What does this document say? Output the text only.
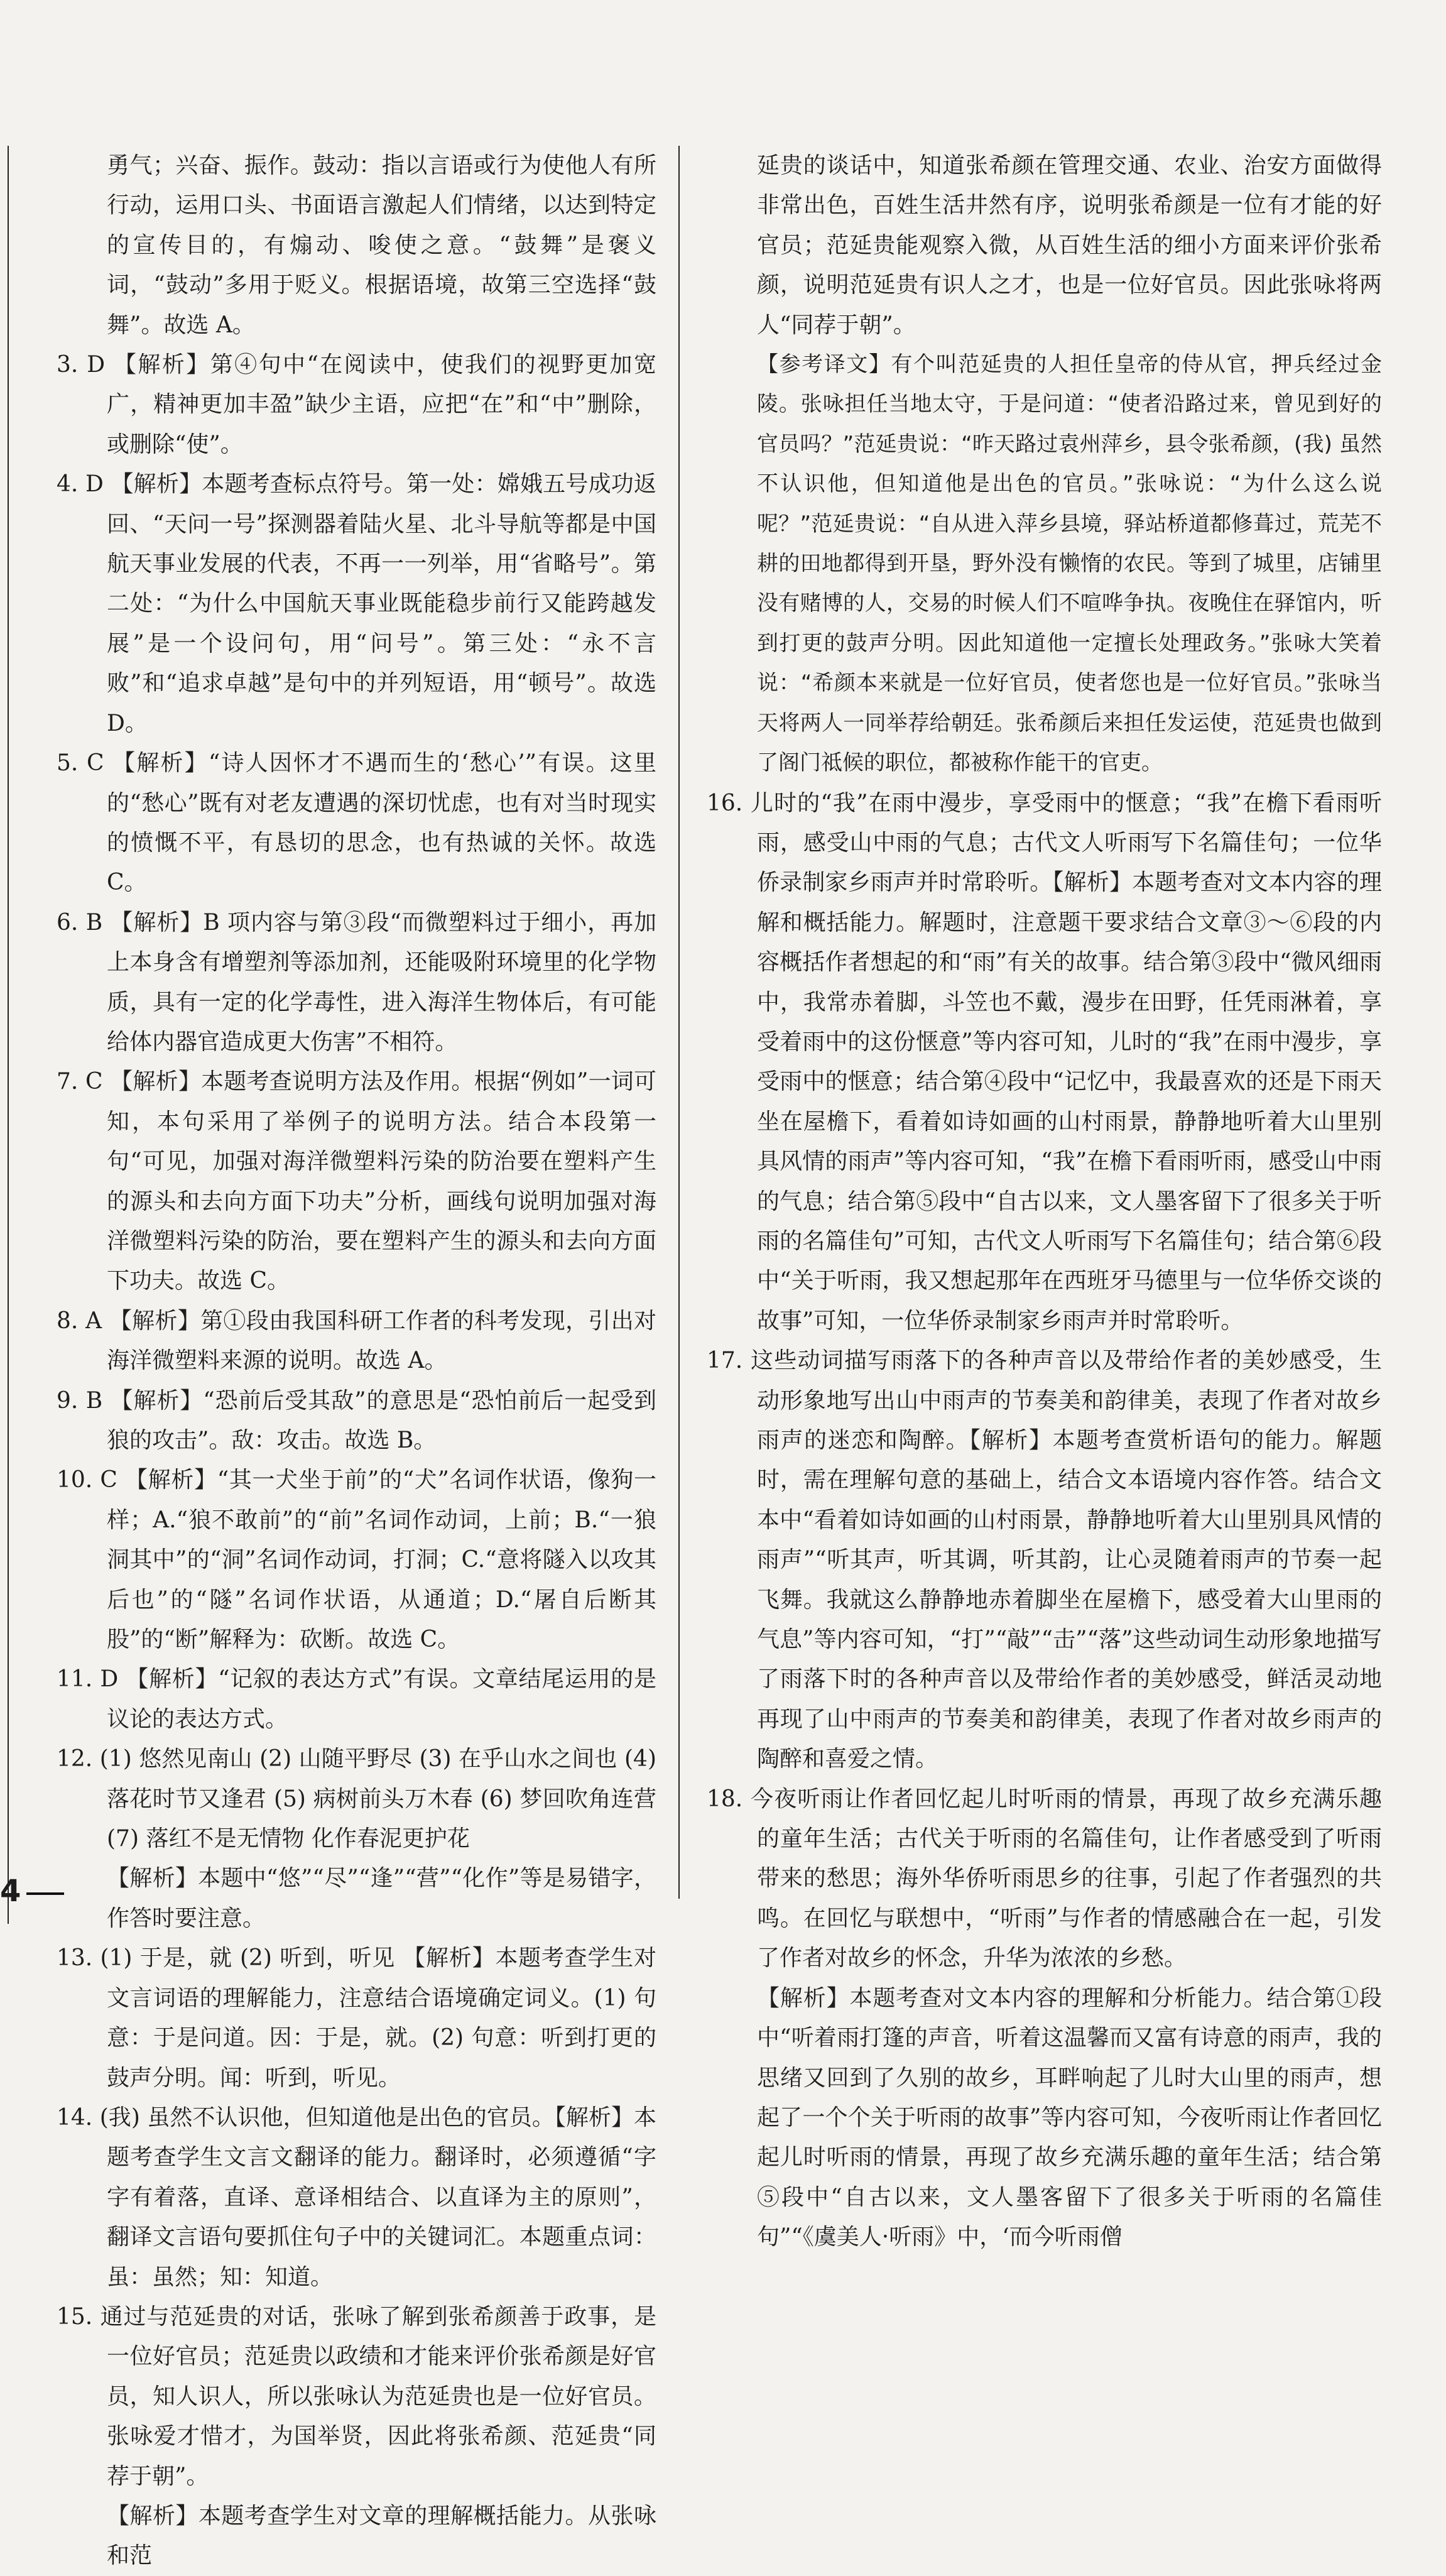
勇气；兴奋、振作。鼓动：指以言语或行为使他人有所行动，运用口头、书面语言激起人们情绪，以达到特定的宣传目的，有煽动、唆使之意。“鼓舞”是褒义词，“鼓动”多用于贬义。根据语境，故第三空选择“鼓舞”。故选 A。

3. D 【解析】第④句中“在阅读中，使我们的视野更加宽广，精神更加丰盈”缺少主语，应把“在”和“中”删除，或删除“使”。

4. D 【解析】本题考查标点符号。第一处：嫦娥五号成功返回、“天问一号”探测器着陆火星、北斗导航等都是中国航天事业发展的代表，不再一一列举，用“省略号”。第二处：“为什么中国航天事业既能稳步前行又能跨越发展”是一个设问句，用“问号”。第三处：“永不言败”和“追求卓越”是句中的并列短语，用“顿号”。故选 D。

5. C 【解析】“诗人因怀才不遇而生的‘愁心’”有误。这里的“愁心”既有对老友遭遇的深切忧虑，也有对当时现实的愤慨不平，有恳切的思念，也有热诚的关怀。故选 C。

6. B 【解析】B 项内容与第③段“而微塑料过于细小，再加上本身含有增塑剂等添加剂，还能吸附环境里的化学物质，具有一定的化学毒性，进入海洋生物体后，有可能给体内器官造成更大伤害”不相符。

7. C 【解析】本题考查说明方法及作用。根据“例如”一词可知，本句采用了举例子的说明方法。结合本段第一句“可见，加强对海洋微塑料污染的防治要在塑料产生的源头和去向方面下功夫”分析，画线句说明加强对海洋微塑料污染的防治，要在塑料产生的源头和去向方面下功夫。故选 C。

8. A 【解析】第①段由我国科研工作者的科考发现，引出对海洋微塑料来源的说明。故选 A。

9. B 【解析】“恐前后受其敌”的意思是“恐怕前后一起受到狼的攻击”。敌：攻击。故选 B。

10. C 【解析】“其一犬坐于前”的“犬”名词作状语，像狗一样；A.“狼不敢前”的“前”名词作动词，上前；B.“一狼洞其中”的“洞”名词作动词，打洞；C.“意将隧入以攻其后也”的“隧”名词作状语，从通道；D.“屠自后断其股”的“断”解释为：砍断。故选 C。

11. D 【解析】“记叙的表达方式”有误。文章结尾运用的是议论的表达方式。

12. (1) 悠然见南山 (2) 山随平野尽 (3) 在乎山水之间也 (4) 落花时节又逢君 (5) 病树前头万木春 (6) 梦回吹角连营 (7) 落红不是无情物 化作春泥更护花

【解析】本题中“悠”“尽”“逢”“营”“化作”等是易错字，作答时要注意。

13. (1) 于是，就 (2) 听到，听见 【解析】本题考查学生对文言词语的理解能力，注意结合语境确定词义。(1) 句意：于是问道。因：于是，就。(2) 句意：听到打更的鼓声分明。闻：听到，听见。

14. (我) 虽然不认识他，但知道他是出色的官员。【解析】本题考查学生文言文翻译的能力。翻译时，必须遵循“字字有着落，直译、意译相结合、以直译为主的原则”，翻译文言语句要抓住句子中的关键词汇。本题重点词：虽：虽然；知：知道。

15. 通过与范延贵的对话，张咏了解到张希颜善于政事，是一位好官员；范延贵以政绩和才能来评价张希颜是好官员，知人识人，所以张咏认为范延贵也是一位好官员。张咏爱才惜才，为国举贤，因此将张希颜、范延贵“同荐于朝”。

【解析】本题考查学生对文章的理解概括能力。从张咏和范

延贵的谈话中，知道张希颜在管理交通、农业、治安方面做得非常出色，百姓生活井然有序，说明张希颜是一位有才能的好官员；范延贵能观察入微，从百姓生活的细小方面来评价张希颜，说明范延贵有识人之才，也是一位好官员。因此张咏将两人“同荐于朝”。

【参考译文】有个叫范延贵的人担任皇帝的侍从官，押兵经过金陵。张咏担任当地太守，于是问道：“使者沿路过来，曾见到好的官员吗？”范延贵说：“昨天路过袁州萍乡，县令张希颜，(我) 虽然不认识他，但知道他是出色的官员。”张咏说：“为什么这么说呢？”范延贵说：“自从进入萍乡县境，驿站桥道都修葺过，荒芜不耕的田地都得到开垦，野外没有懒惰的农民。等到了城里，店铺里没有赌博的人，交易的时候人们不喧哗争执。夜晚住在驿馆内，听到打更的鼓声分明。因此知道他一定擅长处理政务。”张咏大笑着说：“希颜本来就是一位好官员，使者您也是一位好官员。”张咏当天将两人一同举荐给朝廷。张希颜后来担任发运使，范延贵也做到了阁门祗候的职位，都被称作能干的官吏。

16. 儿时的“我”在雨中漫步，享受雨中的惬意；“我”在檐下看雨听雨，感受山中雨的气息；古代文人听雨写下名篇佳句；一位华侨录制家乡雨声并时常聆听。【解析】本题考查对文本内容的理解和概括能力。解题时，注意题干要求结合文章③～⑥段的内容概括作者想起的和“雨”有关的故事。结合第③段中“微风细雨中，我常赤着脚，斗笠也不戴，漫步在田野，任凭雨淋着，享受着雨中的这份惬意”等内容可知，儿时的“我”在雨中漫步，享受雨中的惬意；结合第④段中“记忆中，我最喜欢的还是下雨天坐在屋檐下，看着如诗如画的山村雨景，静静地听着大山里别具风情的雨声”等内容可知，“我”在檐下看雨听雨，感受山中雨的气息；结合第⑤段中“自古以来，文人墨客留下了很多关于听雨的名篇佳句”可知，古代文人听雨写下名篇佳句；结合第⑥段中“关于听雨，我又想起那年在西班牙马德里与一位华侨交谈的故事”可知，一位华侨录制家乡雨声并时常聆听。

17. 这些动词描写雨落下的各种声音以及带给作者的美妙感受，生动形象地写出山中雨声的节奏美和韵律美，表现了作者对故乡雨声的迷恋和陶醉。【解析】本题考查赏析语句的能力。解题时，需在理解句意的基础上，结合文本语境内容作答。结合文本中“看着如诗如画的山村雨景，静静地听着大山里别具风情的雨声”“听其声，听其调，听其韵，让心灵随着雨声的节奏一起飞舞。我就这么静静地赤着脚坐在屋檐下，感受着大山里雨的气息”等内容可知，“打”“敲”“击”“落”这些动词生动形象地描写了雨落下时的各种声音以及带给作者的美妙感受，鲜活灵动地再现了山中雨声的节奏美和韵律美，表现了作者对故乡雨声的陶醉和喜爱之情。

18. 今夜听雨让作者回忆起儿时听雨的情景，再现了故乡充满乐趣的童年生活；古代关于听雨的名篇佳句，让作者感受到了听雨带来的愁思；海外华侨听雨思乡的往事，引起了作者强烈的共鸣。在回忆与联想中，“听雨”与作者的情感融合在一起，引发了作者对故乡的怀念，升华为浓浓的乡愁。

【解析】本题考查对文本内容的理解和分析能力。结合第①段中“听着雨打篷的声音，听着这温馨而又富有诗意的雨声，我的思绪又回到了久别的故乡，耳畔响起了儿时大山里的雨声，想起了一个个关于听雨的故事”等内容可知，今夜听雨让作者回忆起儿时听雨的情景，再现了故乡充满乐趣的童年生活；结合第⑤段中“自古以来，文人墨客留下了很多关于听雨的名篇佳句”“《虞美人·听雨》中，‘而今听雨僧

4
